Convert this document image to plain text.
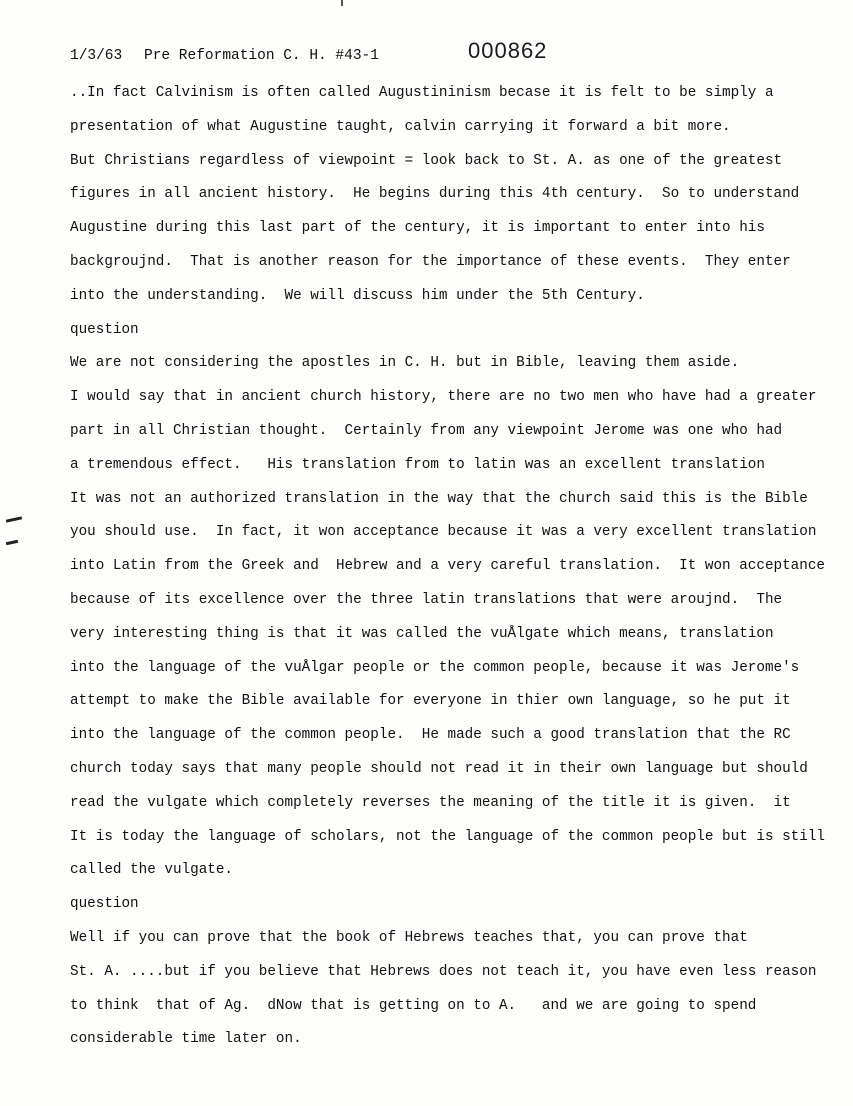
1/3/63 Pre Reformation C. H. #43-1	000862
..In fact Calvinism is often called Augustininism becase it is felt to be simply a
presentation of what Augustine taught, calvin carrying it forward a bit more.
But Christians regardless of viewpoint = look back to St. A. as one of the greatest
figures in all ancient history.  He begins during this 4th century.  So to understand
Augustine during this last part of the century, it is important to enter into his
backgroujnd.  That is another reason for the importance of these events.  They enter
into the understanding.  We will discuss him under the 5th Century.
question
We are not considering the apostles in C. H. but in Bible, leaving them aside.
I would say that in ancient church history, there are no two men who have had a greater
part in all Christian thought.  Certainly from any viewpoint Jerome was one who had
a tremendous effect.   His translation from to latin was an excellent translation
It was not an authorized translation in the way that the church said this is the Bible
you should use.  In fact, it won acceptance because it was a very excellent translation
into Latin from the Greek and  Hebrew and a very careful translation.  It won acceptance
because of its excellence over the three latin translations that were aroujnd.  The
very interesting thing is that it was called the vuÅlgate which means, translation
into the language of the vuÅlgar people or the common people, because it was Jerome's
attempt to make the Bible available for everyone in thier own language, so he put it
into the language of the common people.  He made such a good translation that the RC
church today says that many people should not read it in their own language but should
read the vulgate which completely reverses the meaning of the title it is given.  it
It is today the language of scholars, not the language of the common people but is still
called the vulgate.
question
Well if you can prove that the book of Hebrews teaches that, you can prove that
St. A. ....but if you believe that Hebrews does not teach it, you have even less reason
to think  that of Ag.  dNow that is getting on to A.   and we are going to spend
considerable time later on.
